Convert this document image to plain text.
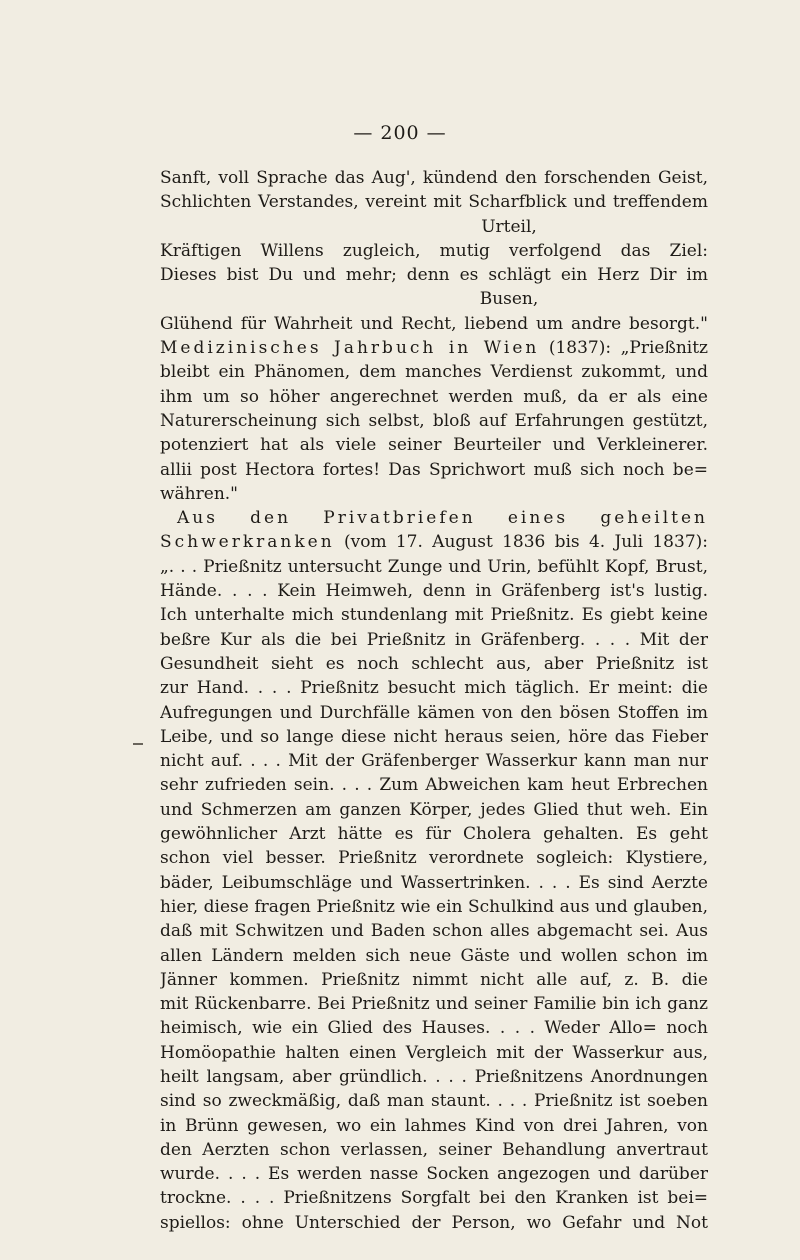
— 200 —
Sanft, voll Sprache das Aug', kündend den forschenden Geist,
Schlichten Verstandes, vereint mit Scharfblick und treffendem
Urteil,
Kräftigen Willens zugleich, mutig verfolgend das Ziel:
Dieses bist Du und mehr; denn es schlägt ein Herz Dir im
Busen,
Glühend für Wahrheit und Recht, liebend um andre besorgt."
Medizinisches Jahrbuch in Wien (1837): „Prießnitz
bleibt ein Phänomen, dem manches Verdienst zukommt, und
ihm um so höher angerechnet werden muß, da er als eine
Naturerscheinung sich selbst, bloß auf Erfahrungen gestützt,
potenziert hat als viele seiner Beurteiler und Verkleinerer.
allii post Hectora fortes! Das Sprichwort muß sich noch be=
währen."
Aus den Privatbriefen eines geheilten
Schwerkranken (vom 17. August 1836 bis 4. Juli 1837):
„. . . Prießnitz untersucht Zunge und Urin, befühlt Kopf, Brust,
Hände. . . . Kein Heimweh, denn in Gräfenberg ist's lustig.
Ich unterhalte mich stundenlang mit Prießnitz. Es giebt keine
beßre Kur als die bei Prießnitz in Gräfenberg. . . . Mit der
Gesundheit sieht es noch schlecht aus, aber Prießnitz ist
zur Hand. . . . Prießnitz besucht mich täglich. Er meint: die
Aufregungen und Durchfälle kämen von den bösen Stoffen im
Leibe, und so lange diese nicht heraus seien, höre das Fieber
nicht auf. . . . Mit der Gräfenberger Wasserkur kann man nur
sehr zufrieden sein. . . . Zum Abweichen kam heut Erbrechen
und Schmerzen am ganzen Körper, jedes Glied thut weh. Ein
gewöhnlicher Arzt hätte es für Cholera gehalten. Es geht
schon viel besser. Prießnitz verordnete sogleich: Klystiere,
bäder, Leibumschläge und Wassertrinken. . . . Es sind Aerzte
hier, diese fragen Prießnitz wie ein Schulkind aus und glauben,
daß mit Schwitzen und Baden schon alles abgemacht sei. Aus
allen Ländern melden sich neue Gäste und wollen schon im
Jänner kommen. Prießnitz nimmt nicht alle auf, z. B. die
mit Rückenbarre. Bei Prießnitz und seiner Familie bin ich ganz
heimisch, wie ein Glied des Hauses. . . . Weder Allo= noch
Homöopathie halten einen Vergleich mit der Wasserkur aus,
heilt langsam, aber gründlich. . . . Prießnitzens Anordnungen
sind so zweckmäßig, daß man staunt. . . . Prießnitz ist soeben
in Brünn gewesen, wo ein lahmes Kind von drei Jahren, von
den Aerzten schon verlassen, seiner Behandlung anvertraut
wurde. . . . Es werden nasse Socken angezogen und darüber
trockne. . . . Prießnitzens Sorgfalt bei den Kranken ist bei=
spiellos: ohne Unterschied der Person, wo Gefahr und Not
